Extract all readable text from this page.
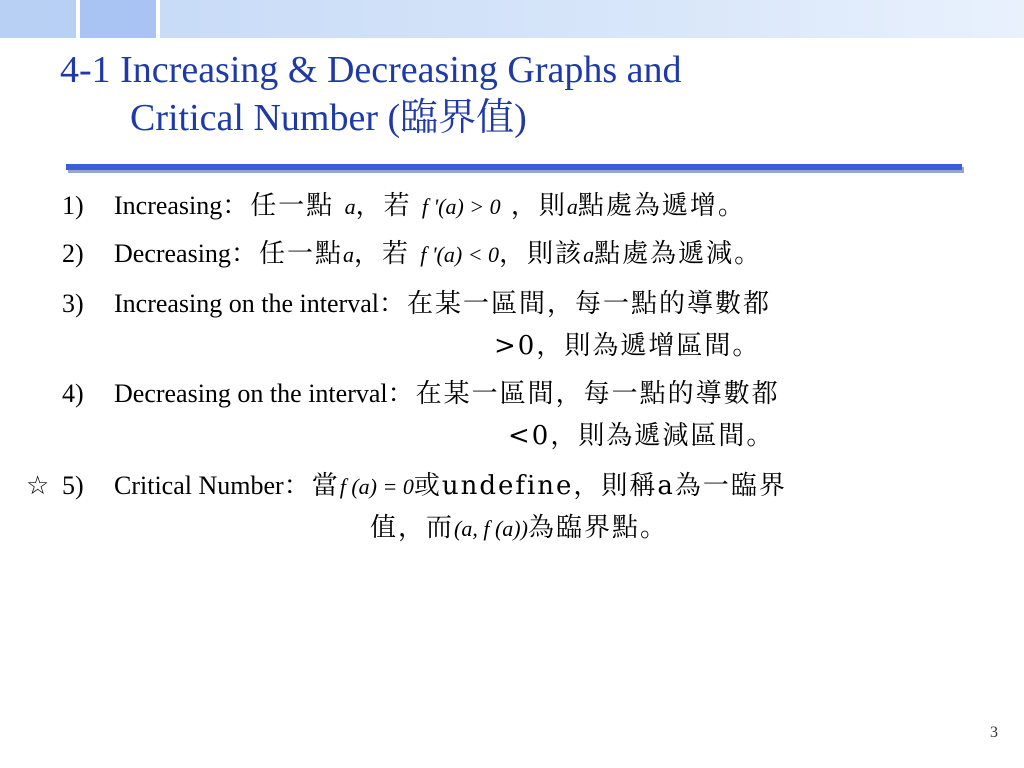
4-1 Increasing & Decreasing Graphs and
Critical Number (臨界值)
1)	Increasing：任一點 a，若 f '(a) > 0 ，則a點處為遞增。
2)	Decreasing：任一點a，若 f '(a) < 0，則該a點處為遞減。
3)	Increasing on the interval：在某一區間，每一點的導數都
>0，則為遞增區間。
4)	Decreasing on the interval：在某一區間，每一點的導數都
<0，則為遞減區間。
☆ 5)	Critical Number：當f (a) = 0或undefine，則稱a為一臨界
值，而(a, f (a))為臨界點。
3
